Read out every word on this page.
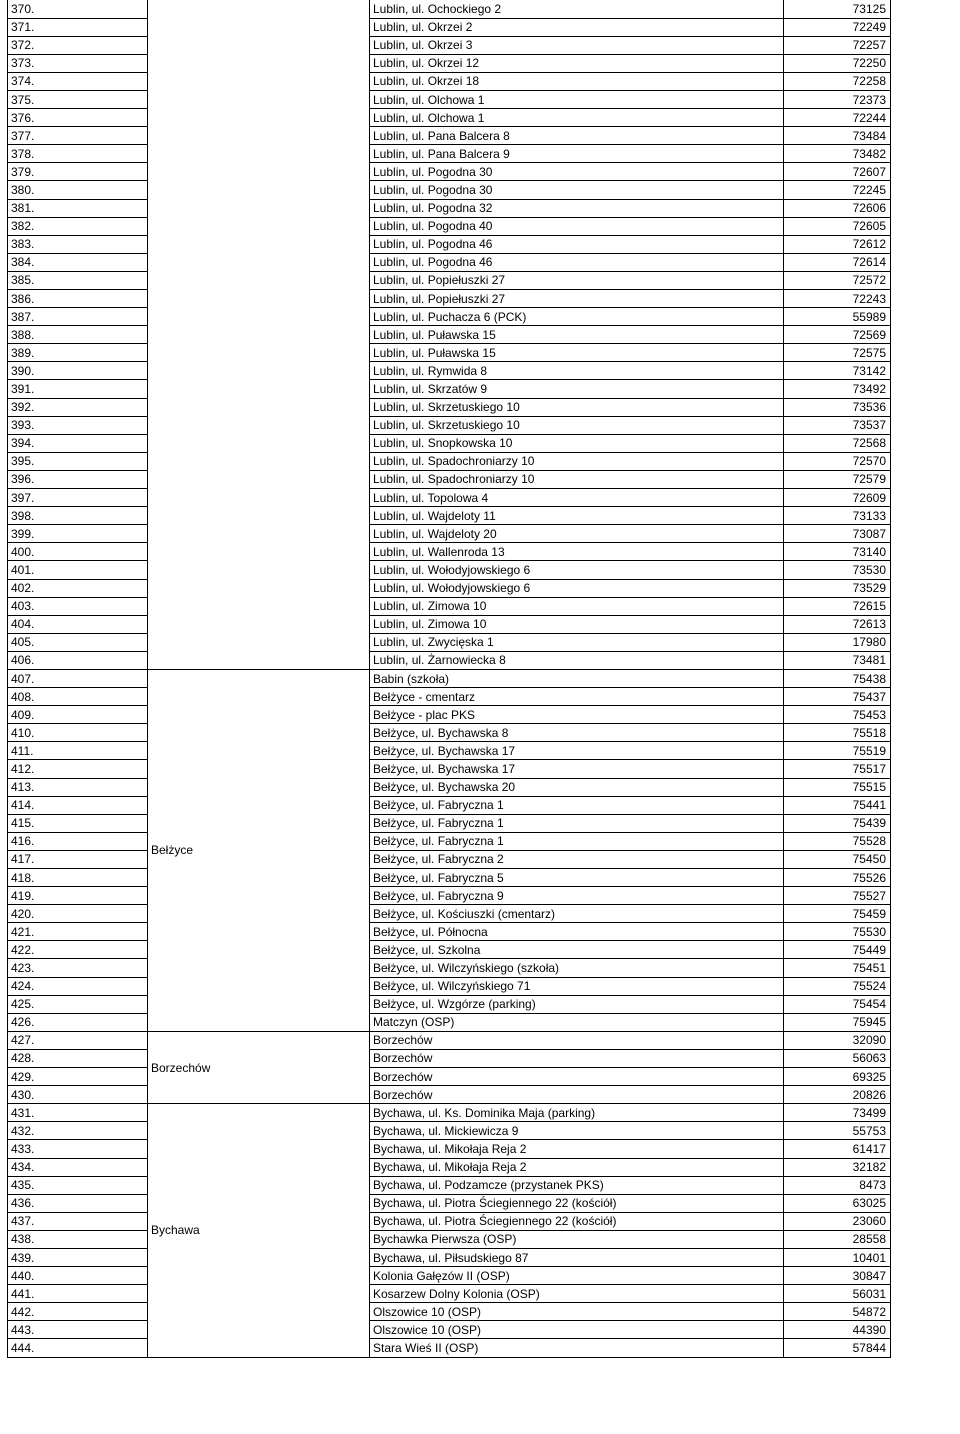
370.		Lublin, ul. Ochockiego 2	73125
371.		Lublin, ul. Okrzei 2	72249
372.		Lublin, ul. Okrzei 3	72257
373.		Lublin, ul. Okrzei 12	72250
374.		Lublin, ul. Okrzei 18	72258
375.		Lublin, ul. Olchowa 1	72373
376.		Lublin, ul. Olchowa 1	72244
377.		Lublin, ul. Pana Balcera 8	73484
378.		Lublin, ul. Pana Balcera 9	73482
379.		Lublin, ul. Pogodna 30	72607
380.		Lublin, ul. Pogodna 30	72245
381.		Lublin, ul. Pogodna 32	72606
382.		Lublin, ul. Pogodna 40	72605
383.		Lublin, ul. Pogodna 46	72612
384.		Lublin, ul. Pogodna 46	72614
385.		Lublin, ul. Popiełuszki 27	72572
386.		Lublin, ul. Popiełuszki 27	72243
387.		Lublin, ul. Puchacza 6 (PCK)	55989
388.		Lublin, ul. Puławska 15	72569
389.		Lublin, ul. Puławska 15	72575
390.		Lublin, ul. Rymwida 8	73142
391.		Lublin, ul. Skrzatów 9	73492
392.		Lublin, ul. Skrzetuskiego 10	73536
393.		Lublin, ul. Skrzetuskiego 10	73537
394.		Lublin, ul. Snopkowska 10	72568
395.		Lublin, ul. Spadochroniarzy 10	72570
396.		Lublin, ul. Spadochroniarzy 10	72579
397.		Lublin, ul. Topolowa 4	72609
398.		Lublin, ul. Wajdeloty 11	73133
399.		Lublin, ul. Wajdeloty 20	73087
400.		Lublin, ul. Wallenroda 13	73140
401.		Lublin, ul. Wołodyjowskiego 6	73530
402.		Lublin, ul. Wołodyjowskiego 6	73529
403.		Lublin, ul. Zimowa 10	72615
404.		Lublin, ul. Zimowa 10	72613
405.		Lublin, ul. Zwycięska 1	17980
406.		Lublin, ul. Żarnowiecka 8	73481
407.	Bełżyce	Babin (szkoła)	75438
408.		Bełżyce - cmentarz	75437
409.		Bełżyce - plac PKS	75453
410.		Bełżyce, ul. Bychawska 8	75518
411.		Bełżyce, ul. Bychawska 17	75519
412.		Bełżyce, ul. Bychawska 17	75517
413.		Bełżyce, ul. Bychawska 20	75515
414.		Bełżyce, ul. Fabryczna 1	75441
415.		Bełżyce, ul. Fabryczna 1	75439
416.		Bełżyce, ul. Fabryczna 1	75528
417.		Bełżyce, ul. Fabryczna 2	75450
418.		Bełżyce, ul. Fabryczna 5	75526
419.		Bełżyce, ul. Fabryczna 9	75527
420.		Bełżyce, ul. Kościuszki (cmentarz)	75459
421.		Bełżyce, ul. Północna	75530
422.		Bełżyce, ul. Szkolna	75449
423.		Bełżyce, ul. Wilczyńskiego (szkoła)	75451
424.		Bełżyce, ul. Wilczyńskiego 71	75524
425.		Bełżyce, ul. Wzgórze (parking)	75454
426.		Matczyn (OSP)	75945
427.	Borzechów	Borzechów	32090
428.		Borzechów	56063
429.		Borzechów	69325
430.		Borzechów	20826
431.	Bychawa	Bychawa, ul. Ks. Dominika Maja (parking)	73499
432.		Bychawa, ul. Mickiewicza 9	55753
433.		Bychawa, ul. Mikołaja Reja 2	61417
434.		Bychawa, ul. Mikołaja Reja 2	32182
435.		Bychawa, ul. Podzamcze (przystanek PKS)	8473
436.		Bychawa, ul. Piotra Ściegiennego 22 (kościół)	63025
437.		Bychawa, ul. Piotra Ściegiennego 22 (kościół)	23060
438.		Bychawka Pierwsza (OSP)	28558
439.		Bychawa, ul. Piłsudskiego 87	10401
440.		Kolonia Gałęzów II (OSP)	30847
441.		Kosarzew Dolny Kolonia (OSP)	56031
442.		Olszowice 10 (OSP)	54872
443.		Olszowice 10 (OSP)	44390
444.		Stara Wieś II (OSP)	57844
